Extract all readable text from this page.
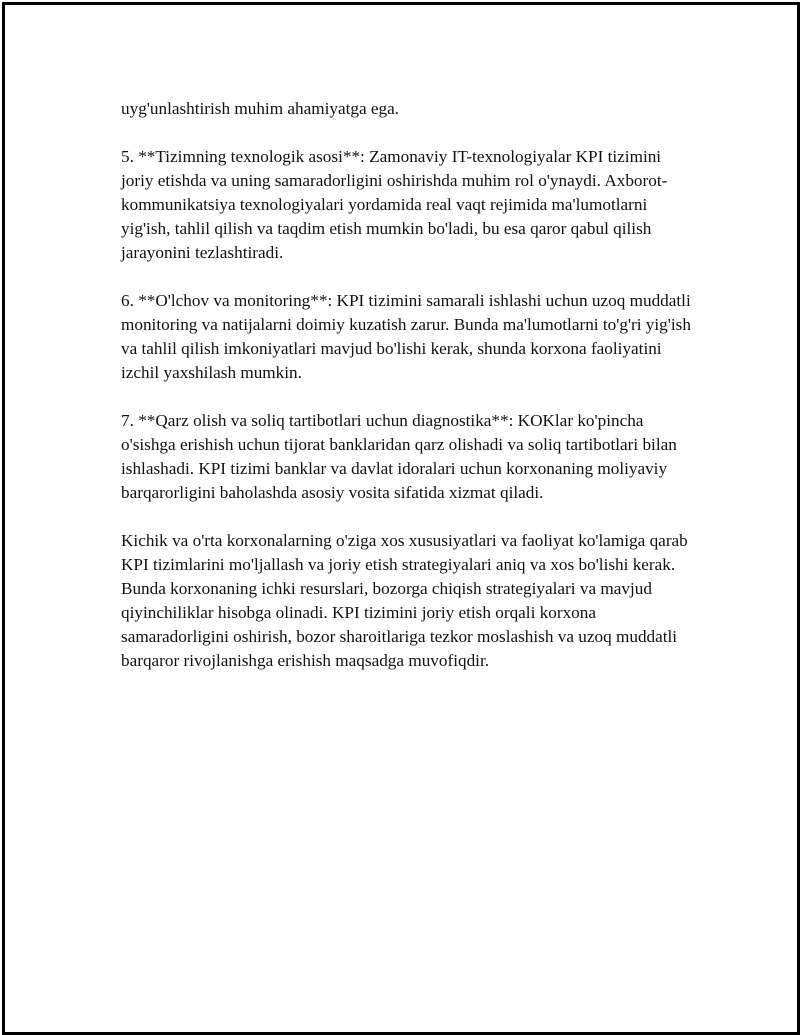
uyg'unlashtirish muhim ahamiyatga ega.

5. **Tizimning texnologik asosi**: Zamonaviy IT-texnologiyalar KPI tizimini joriy etishda va uning samaradorligini oshirishda muhim rol o'ynaydi. Axborot-kommunikatsiya texnologiyalari yordamida real vaqt rejimida ma'lumotlarni yig'ish, tahlil qilish va taqdim etish mumkin bo'ladi, bu esa qaror qabul qilish jarayonini tezlashtiradi.

6. **O'lchov va monitoring**: KPI tizimini samarali ishlashi uchun uzoq muddatli monitoring va natijalarni doimiy kuzatish zarur. Bunda ma'lumotlarni to'g'ri yig'ish va tahlil qilish imkoniyatlari mavjud bo'lishi kerak, shunda korxona faoliyatini izchil yaxshilash mumkin.

7. **Qarz olish va soliq tartibotlari uchun diagnostika**: KOKlar ko'pincha o'sishga erishish uchun tijorat banklaridan qarz olishadi va soliq tartibotlari bilan ishlashadi. KPI tizimi banklar va davlat idoralari uchun korxonaning moliyaviy barqarorligini baholashda asosiy vosita sifatida xizmat qiladi.

Kichik va o'rta korxonalarning o'ziga xos xususiyatlari va faoliyat ko'lamiga qarab KPI tizimlarini mo'ljallash va joriy etish strategiyalari aniq va xos bo'lishi kerak. Bunda korxonaning ichki resurslari, bozorga chiqish strategiyalari va mavjud qiyinchiliklar hisobga olinadi. KPI tizimini joriy etish orqali korxona samaradorligini oshirish, bozor sharoitlariga tezkor moslashish va uzoq muddatli barqaror rivojlanishga erishish maqsadga muvofiqdir.
